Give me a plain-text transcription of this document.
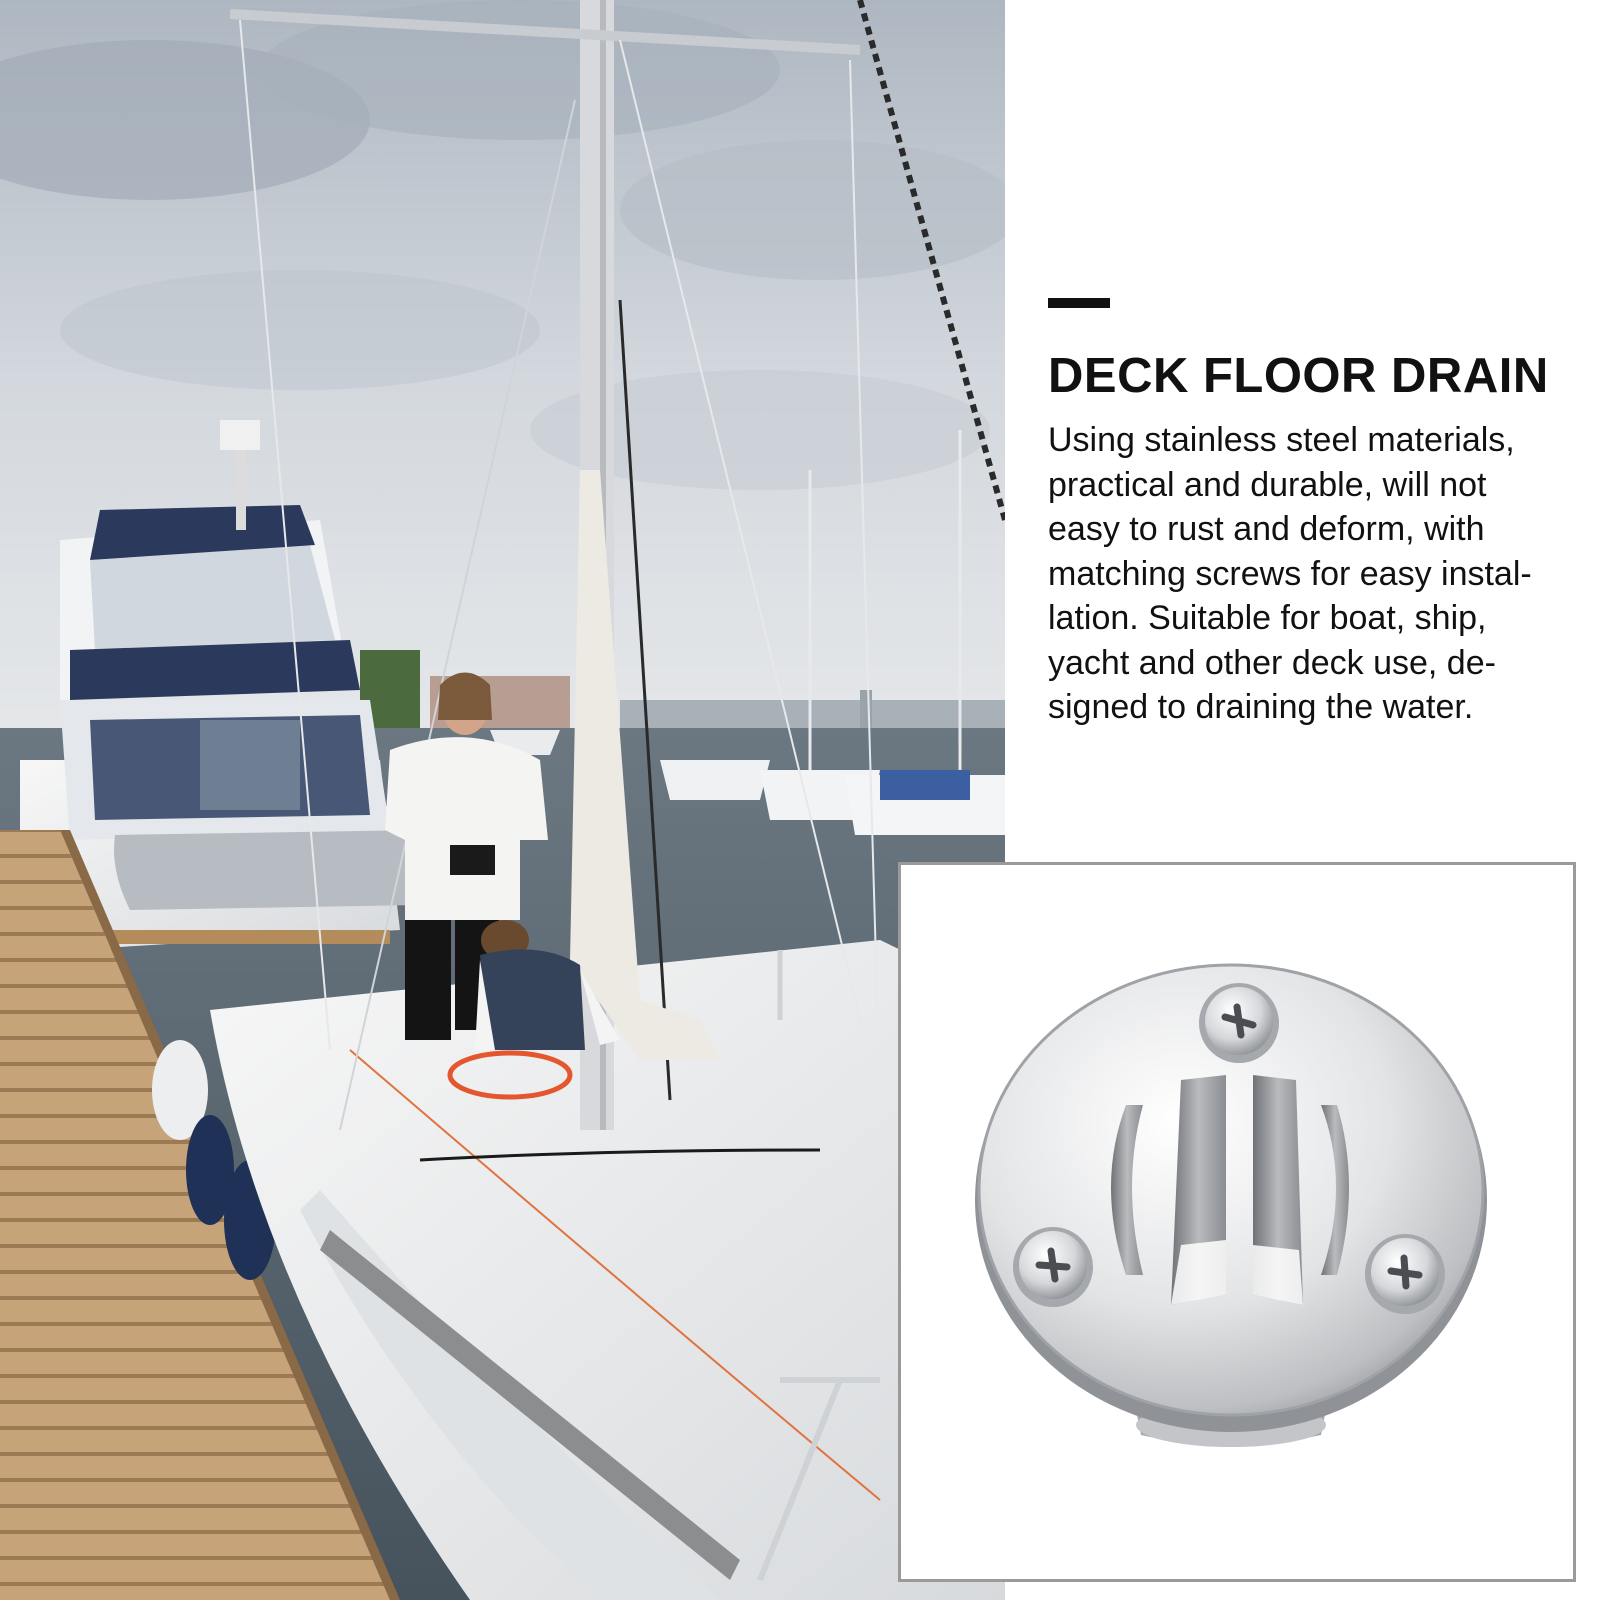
DECK FLOOR DRAIN

Using stainless steel materials,
practical and durable, will not
easy to rust and deform, with
matching screws for easy instal-
lation. Suitable for boat, ship,
yacht and other deck use, de-
signed to draining the water.
